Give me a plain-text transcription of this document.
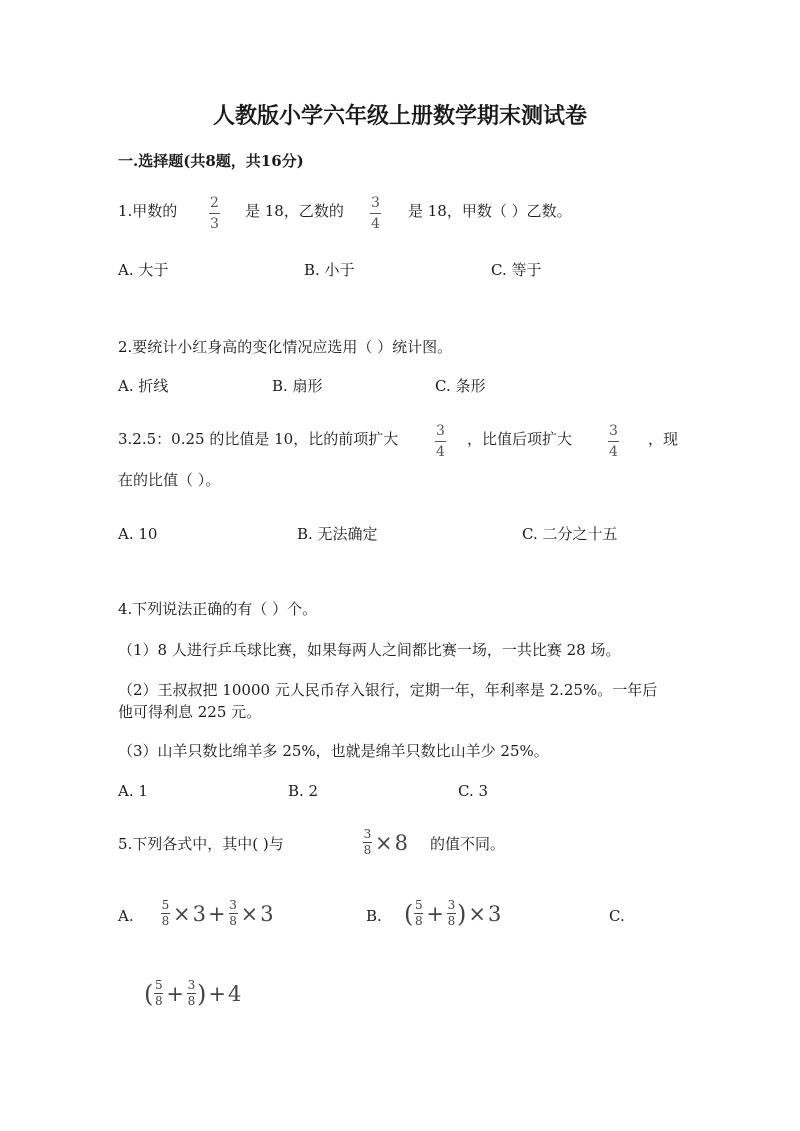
人教版小学六年级上册数学期末测试卷
一.选择题(共8题，共16分)
1.甲数的 2
3
是 18，乙数的 3
4
是 18，甲数（ ）乙数。
A. 大于	B. 小于	C. 等于
2.要统计小红身高的变化情况应选用（ ）统计图。
A. 折线	B. 扇形	C. 条形
3.2.5：0.25 的比值是 10，比的前项扩大	3
4
，比值后项扩大	3
4
，现
在的比值（ ）。
A. 10	B. 无法确定	C. 二分之十五
4.下列说法正确的有（ ）个。
（1）8 人进行乒乓球比赛，如果每两人之间都比赛一场，一共比赛 28 场。
（2）王叔叔把 10000 元人民币存入银行，定期一年，年利率是 2.25%。一年后
他可得利息 225 元。
（3）山羊只数比绵羊多 25%，也就是绵羊只数比山羊少 25%。
A. 1	B. 2	C. 3
5.下列各式中，其中( )与
3
8 × 8 的值不同。
A.
5
8 × 3 + 3
8 × 3	B. ( 5
8 + 3
8 ) × 3	C.
( 5
8 + 3
8 ) + 4
